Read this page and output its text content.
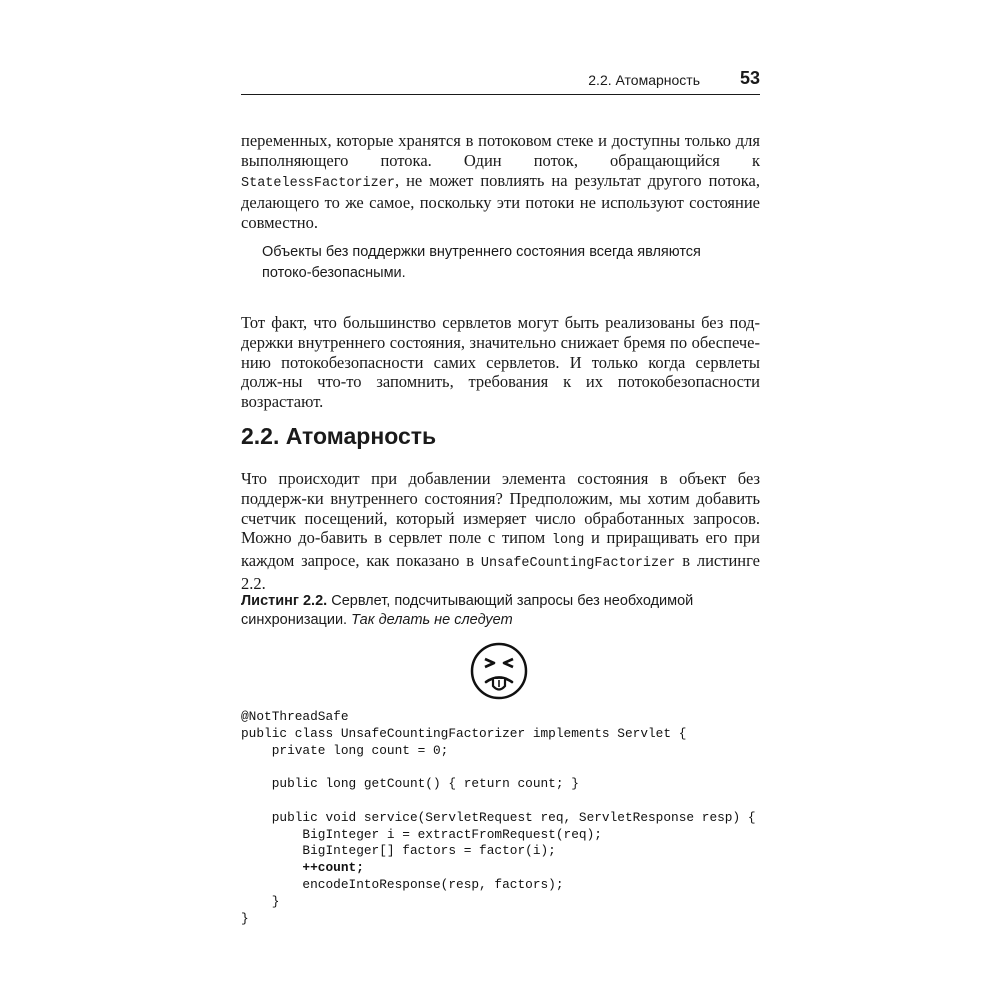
2.2. Атомарность 53

переменных, которые хранятся в потоковом стеке и доступны только для выполняющего потока. Один поток, обращающийся к StatelessFactorizer, не может повлиять на результат другого потока, делающего то же самое, поскольку эти потоки не используют состояние совместно.

Объекты без поддержки внутреннего состояния всегда являются потоко-безопасными.

Тот факт, что большинство сервлетов могут быть реализованы без под-держки внутреннего состояния, значительно снижает бремя по обеспече-нию потокобезопасности самих сервлетов. И только когда сервлеты долж-ны что-то запомнить, требования к их потокобезопасности возрастают.

2.2. Атомарность

Что происходит при добавлении элемента состояния в объект без поддерж-ки внутреннего состояния? Предположим, мы хотим добавить счетчик посещений, который измеряет число обработанных запросов. Можно до-бавить в сервлет поле с типом long и приращивать его при каждом запросе, как показано в UnsafeCountingFactorizer в листинге 2.2.

Листинг 2.2. Сервлет, подсчитывающий запросы без необходимой синхронизации. Так делать не следует

@NotThreadSafe
public class UnsafeCountingFactorizer implements Servlet {
private long count = 0;
public long getCount() { return count; }
public void service(ServletRequest req, ServletResponse resp) {
BigInteger i = extractFromRequest(req);
BigInteger[] factors = factor(i);
++count;
encodeIntoResponse(resp, factors);
}
}
